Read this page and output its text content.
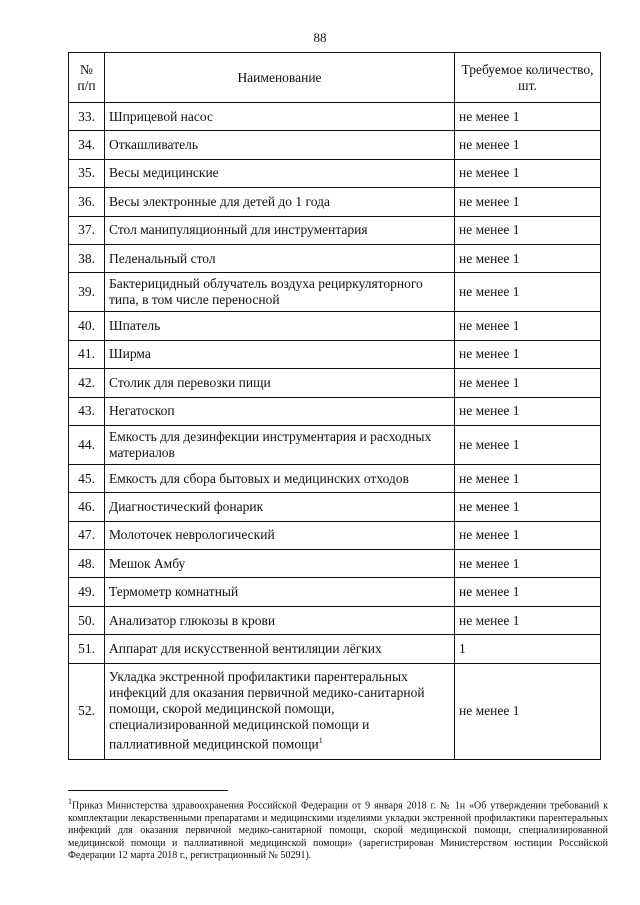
88
№ п/п	Наименование	Требуемое количество, шт.
33.	Шприцевой насос	не менее 1
34.	Откашливатель	не менее 1
35.	Весы медицинские	не менее 1
36.	Весы электронные для детей до 1 года	не менее 1
37.	Стол манипуляционный для инструментария	не менее 1
38.	Пеленальный стол	не менее 1
39.	Бактерицидный облучатель воздуха рециркуляторного типа, в том числе переносной	не менее 1
40.	Шпатель	не менее 1
41.	Ширма	не менее 1
42.	Столик для перевозки пищи	не менее 1
43.	Негатоскоп	не менее 1
44.	Емкость для дезинфекции инструментария и расходных материалов	не менее 1
45.	Емкость для сбора бытовых и медицинских отходов	не менее 1
46.	Диагностический фонарик	не менее 1
47.	Молоточек неврологический	не менее 1
48.	Мешок Амбу	не менее 1
49.	Термометр комнатный	не менее 1
50.	Анализатор глюкозы в крови	не менее 1
51.	Аппарат для искусственной вентиляции лёгких	1
52.	Укладка экстренной профилактики парентеральных инфекций для оказания первичной медико-санитарной помощи, скорой медицинской помощи, специализированной медицинской помощи и паллиативной медицинской помощи$^1$	не менее 1
$^1$Приказ Министерства здравоохранения Российской Федерации от 9 января 2018 г. № 1н «Об утверждении требований к комплектации лекарственными препаратами и медицинскими изделиями укладки экстренной профилактики парентеральных инфекций для оказания первичной медико-санитарной помощи, скорой медицинской помощи, специализированной медицинской помощи и паллиативной медицинской помощи» (зарегистрирован Министерством юстиции Российской Федерации 12 марта 2018 г., регистрационный № 50291).
